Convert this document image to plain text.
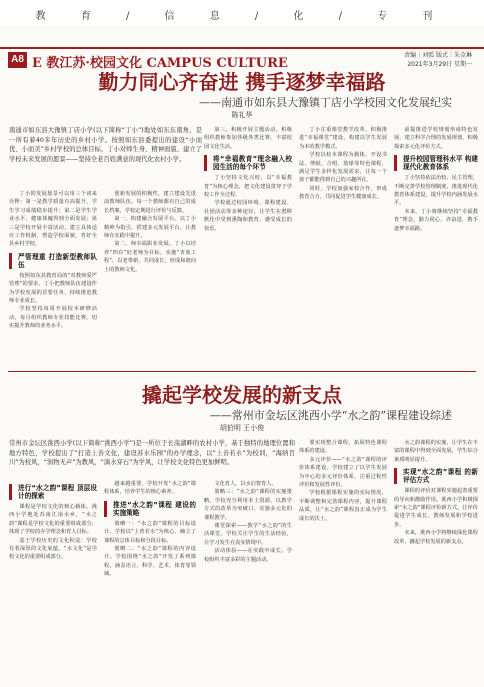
教 育 / 信 息 / 化 / 专 刊
A8 E 教江苏·校园文化 CAMPUS CULTURE
责编｜刘弧 版式｜朱金琳
2021年3月29日 星期一
勤力同心齐奋进 携手逐梦幸福路
——南通市如东县大豫镇丁店小学校园文化发展纪实
陈礼华
南通市如东县大豫镇丁店小学(以下简称“丁小”)地处如东东南角，是一所有着40多年历史的乡村小学。按照如东县委提出的建设“小而优、小而美”乡村学校的总体目标，丁小对师生身、精神面貌、建立了学校未来发展的愿景——坚持全老百姓满意的现代化农村小学。

丁小的发展愿景可以用三个词来诠释：第一是教学质量有高提升，学生学习成绩稳步提升；第二是学生学业水平、健康体魄得到全面发展；第三是学校开展丰富活动，建立具体适应工作机制，塑造学校面貌，育好全县乡村学校。

严管理重 打造新型教师队伍

按照如东县教育局的“对教师爱严管理”的要求，丁小把教师队伍建设作为学校发展的首要任务，持续推进教师专业成长。

学校坚持每周开展校本研修活动，每月组织教师专业技能比赛，切实提升教师的业务水平。

创新发展的积极性，建立建设先进前教师队伍。每一个教师都有自己的成长档案，学校定期进行评价与反馈。

第一，构建融合发展平台。以丁小精神为指引，搭建多元发展平台，让教师在实践中提升。

第二，师幸福职业发展。丁小以培养“四有”好老师为目标，实施“青蓝工程”，以老带新，共同成长，形成和谐向上的教师文化。

第三，积极开展主题活动。积极组织教师参加各级各类比赛，丰富校园文化生活。

将“幸福教育”理念融入校园生活的每个环节

丁小坚持文化兴校，以“幸福教育”为核心理念，把文化建设贯穿于学校工作全过程。

学校通过校园环境、课程建设、社团活动等多种途径，让学生在潜移默化中受到熏陶和教育，感受成长的快乐。

丁小注重课堂教学改革，积极推进“幸福课堂”建设，构建以学生发展为本的教学模式。

学校以校本课程为载体，开设书法、剪纸、合唱、篮球等特色课程，满足学生多样化发展需求，让每一个孩子都能找到自己的兴趣所在。

同时，学校加强家校合作，形成教育合力，共同促进学生健康成长。

前提推进学校规划形成特色发展，建立科学合理的发展规划，积极探索多元化评价方式。

提升校园管理科水平 构建现代化教育体系

丁小坚持依法治校、民主管理，不断完善学校管理制度，推进现代化教育体系建设，提升学校内涵发展水平。

未来，丁小将继续坚持“幸福教育”理念，勤力同心，齐奋进，携手逐梦幸福路。

撬起学校发展的新支点
——常州市金坛区洮西小学“水之韵”课程建设综述
胡伯明 王小俊
常州市金坛区洮西小学(以下简称“洮西小学”)是一所位于长荡湖畔的农村小学，基于独特的地理位置和地方特色，学校提出了“打造上善文化，建设苏水乐园”的办学理念，以“上善若水”为校训，“海纳百川”为校风，“润物无声”为教风，“滴水穿石”为学风，让学校文化特色更加鲜明。
进行“水之韵”课程 顶层设计的探索

课程是学校文化的核心载体。洮西小学地处苏南江南水乡，“水之韵”课程是学校文化的重要组成部分，体现了学校的办学理念和育人目标。

基于学校历史的文化积淀：学校有着深厚的文化底蕴，“水文化”是学校文化的重要组成部分。

越来越重要，学校开发“水之韵”课程体系，培养学生的核心素养。

推进“水之韵”课程 建设的实施策略

策略一：“水之韵”课程的目标设计。学校以“上善若水”为核心，确立了课程的总体目标和分段目标。

策略二：“水之韵”课程的内容设计。学校围绕“水之韵”开发了系列课程，涵盖语言、科学、艺术、体育等领域。

文化育人，以水启智育人。

策略三：“水之韵”课程的实施策略。学校充分利用本土资源，以教学方式的改革为突破口，实施多元化的课程教学。

课堂探索——教学“水之韵”的生活课堂。学校关注学生的生活经验，让学习发生在真实情境中。

活动体验——在实践中成长。学校组织丰富多彩的主题活动。

要实现整合课程，拓展特色课程体系的建设。

多元评价——“水之韵”课程的评价体系建设。学校建立了以学生发展为中心的多元评价体系，注重过程性评价和发展性评价。

学校根据课程实施的实际情况，不断调整和完善课程内容，提升课程品质，让“水之韵”课程真正成为学生成长的沃土。

水之韵课程的实施，让学生在丰富的课程中得到全面发展，学生综合素质明显提升。

实现“水之韵”课程 的新评估方式

课程的评价对课程实施起着重要的导向和激励作用。洮西小学积极探索“水之韵”课程评价新方式，让评价促进学生成长、教师发展和学校进步。

未来，洮西小学将继续深化课程改革，撬起学校发展的新支点。
